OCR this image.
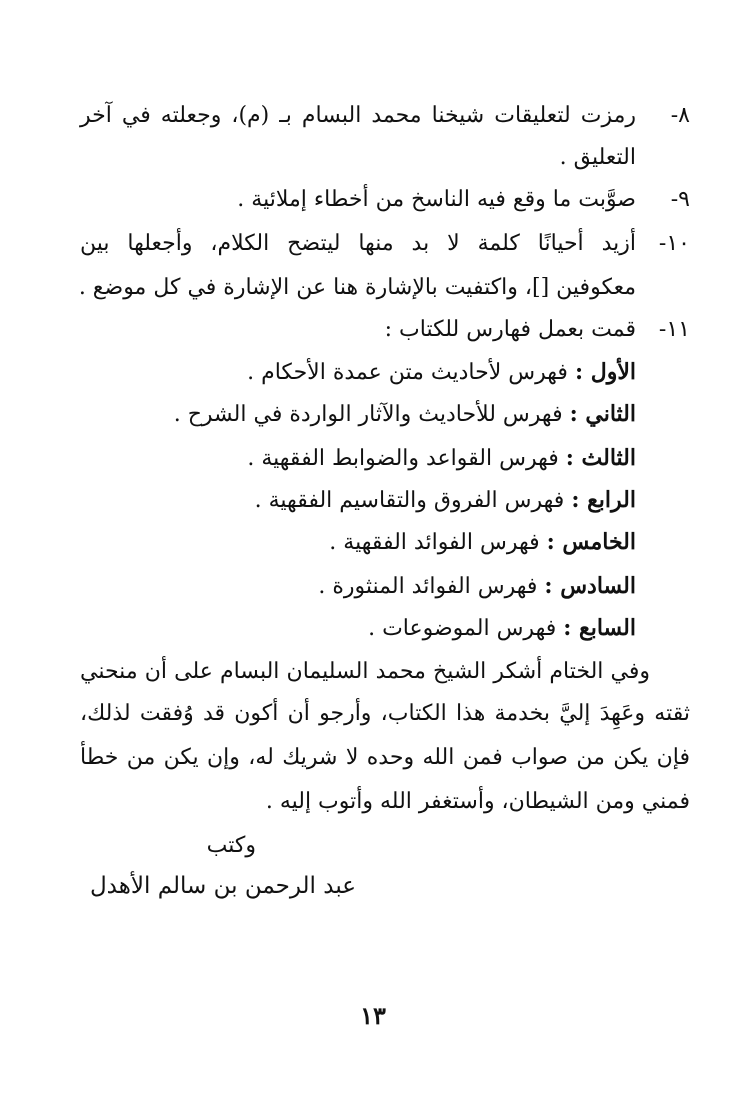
٨-رمزت لتعليقات شيخنا محمد البسام بـ (م)، وجعلته في آخر
التعليق .
٩-صوَّبت ما وقع فيه الناسخ من أخطاء إملائية .
١٠-أزيد أحيانًا كلمة لا بد منها ليتضح الكلام، وأجعلها بين
معكوفين []، واكتفيت بالإشارة هنا عن الإشارة في كل موضع .
١١-قمت بعمل فهارس للكتاب :
الأول : فهرس لأحاديث متن عمدة الأحكام .
الثاني : فهرس للأحاديث والآثار الواردة في الشرح .
الثالث : فهرس القواعد والضوابط الفقهية .
الرابع : فهرس الفروق والتقاسيم الفقهية .
الخامس : فهرس الفوائد الفقهية .
السادس : فهرس الفوائد المنثورة .
السابع : فهرس الموضوعات .
وفي الختام أشكر الشيخ محمد السليمان البسام على أن منحني
ثقته وعَهِدَ إليَّ بخدمة هذا الكتاب، وأرجو أن أكون قد وُفقت لذلك،
فإن يكن من صواب فمن الله وحده لا شريك له، وإن يكن من خطأ
فمني ومن الشيطان، وأستغفر الله وأتوب إليه .
وكتب
عبد الرحمن بن سالم الأهدل
١٣
